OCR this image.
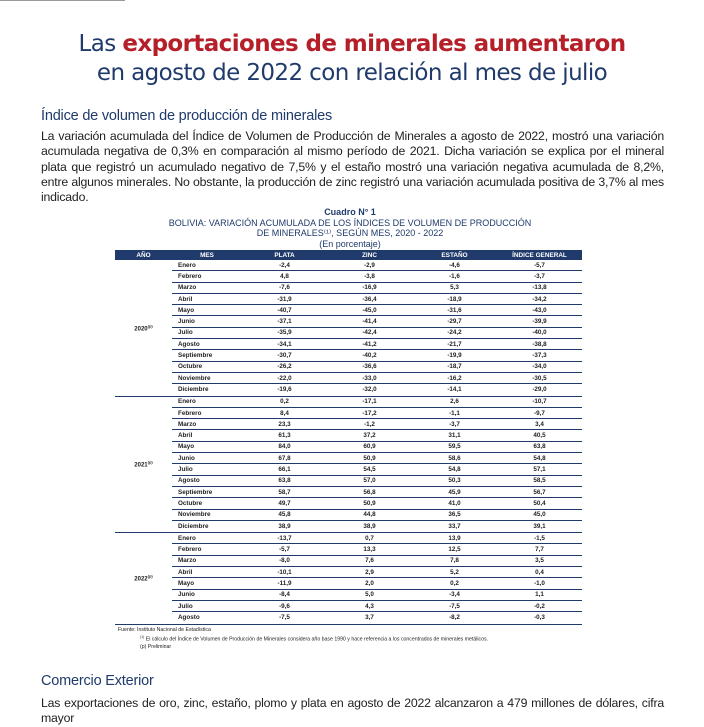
Las exportaciones de minerales aumentaron
en agosto de 2022 con relación al mes de julio
Índice de volumen de producción de minerales
La variación acumulada del Índice de Volumen de Producción de Minerales a agosto de 2022, mostró una variación acumulada negativa de 0,3% en comparación al mismo período de 2021. Dicha variación se explica por el mineral plata que registró un acumulado negativo de 7,5% y el estaño mostró una variación negativa acumulada de 8,2%, entre algunos minerales. No obstante, la producción de zinc registró una variación acumulada positiva de 3,7% al mes indicado.
Cuadro N° 1
BOLIVIA: VARIACIÓN ACUMULADA DE LOS ÍNDICES DE VOLUMEN DE PRODUCCIÓN
DE MINERALES⁽¹⁾, SEGÚN MES, 2020 - 2022
(En porcentaje)
AÑO	MES	PLATA	ZINC	ESTAÑO	ÍNDICE GENERAL
2020$^{(p)}$
Enero	-2,4	-2,9	-4,6	-5,7
Febrero	4,8	-3,8	-1,6	-3,7
Marzo	-7,6	-16,9	5,3	-13,8
Abril	-31,9	-36,4	-18,9	-34,2
Mayo	-40,7	-45,0	-31,6	-43,0
Junio	-37,1	-41,4	-29,7	-39,9
Julio	-35,9	-42,4	-24,2	-40,0
Agosto	-34,1	-41,2	-21,7	-38,8
Septiembre	-30,7	-40,2	-19,9	-37,3
Octubre	-26,2	-36,6	-18,7	-34,0
Noviembre	-22,0	-33,0	-16,2	-30,5
Diciembre	-19,6	-32,0	-14,1	-29,0
2021$^{(p)}$
Enero	0,2	-17,1	2,6	-10,7
Febrero	8,4	-17,2	-1,1	-9,7
Marzo	23,3	-1,2	-3,7	3,4
Abril	61,3	37,2	31,1	40,5
Mayo	84,0	60,9	59,5	63,8
Junio	67,8	50,9	58,6	54,8
Julio	66,1	54,5	54,8	57,1
Agosto	63,8	57,0	50,3	58,5
Septiembre	58,7	56,8	45,9	56,7
Octubre	49,7	50,9	41,0	50,4
Noviembre	45,8	44,8	36,5	45,0
Diciembre	38,9	38,9	33,7	39,1
2022$^{(p)}$
Enero	-13,7	0,7	13,9	-1,5
Febrero	-5,7	13,3	12,5	7,7
Marzo	-8,0	7,6	7,8	3,5
Abril	-10,1	2,9	5,2	0,4
Mayo	-11,9	2,0	0,2	-1,0
Junio	-8,4	5,0	-3,4	1,1
Julio	-9,6	4,3	-7,5	-0,2
Agosto	-7,5	3,7	-8,2	-0,3
Fuente: Instituto Nacional de Estadística
$^{(1)}$ El cálculo del Índice de Volumen de Producción de Minerales considera año base 1990 y hace referencia a los concentrados de minerales metálicos.
(p) Preliminar
Comercio Exterior
Las exportaciones de oro, zinc, estaño, plomo y plata en agosto de 2022 alcanzaron a 479 millones de dólares, cifra mayor
